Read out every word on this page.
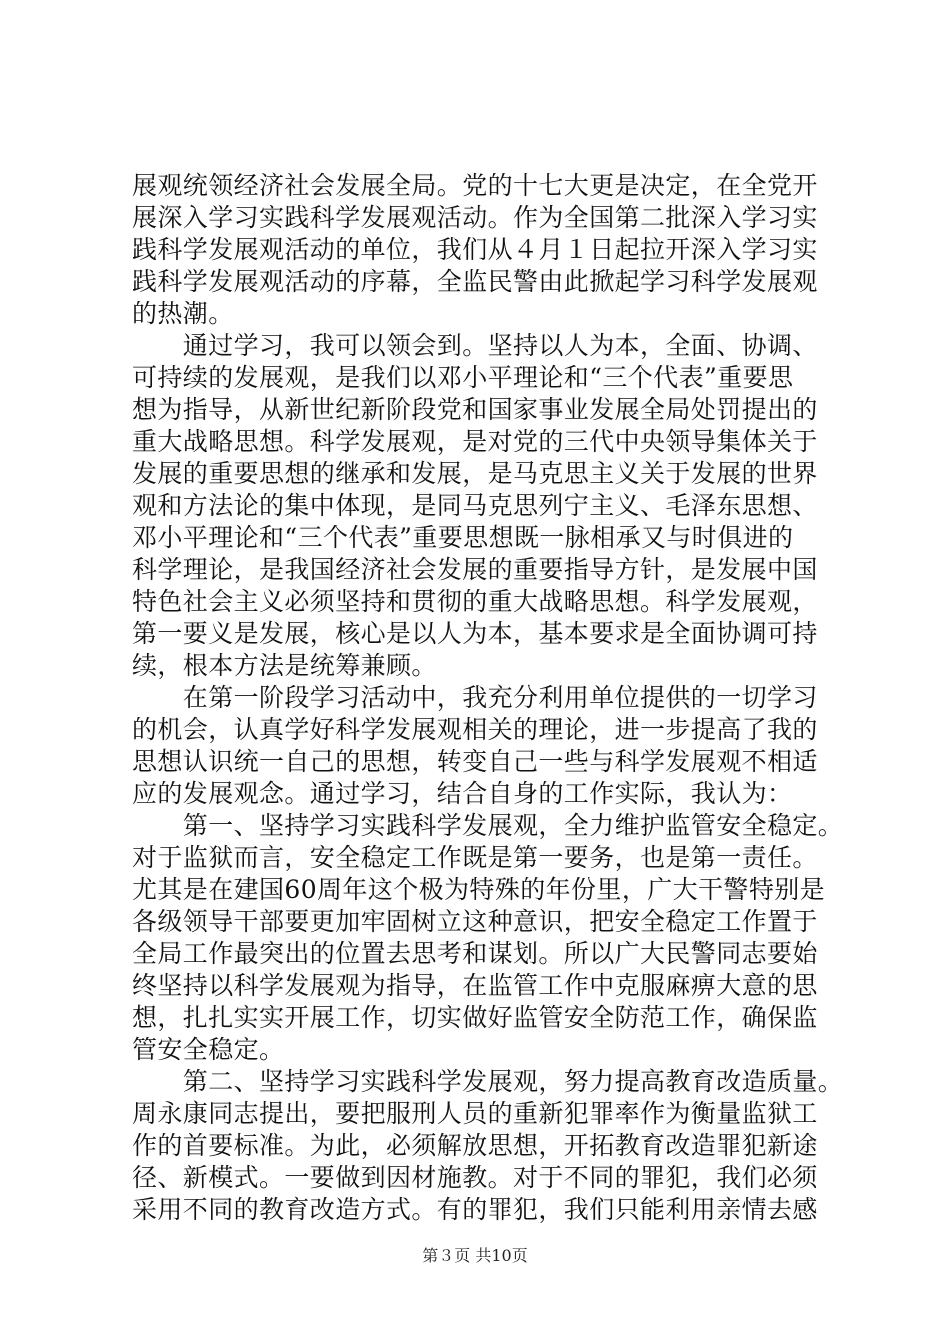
展观统领经济社会发展全局。党的十七大更是决定，在全党开
展深入学习实践科学发展观活动。作为全国第二批深入学习实
践科学发展观活动的单位，我们从４月１日起拉开深入学习实
践科学发展观活动的序幕，全监民警由此掀起学习科学发展观
的热潮。
　　通过学习，我可以领会到。坚持以人为本，全面、协调、
可持续的发展观，是我们以邓小平理论和“三个代表”重要思
想为指导，从新世纪新阶段党和国家事业发展全局处罚提出的
重大战略思想。科学发展观，是对党的三代中央领导集体关于
发展的重要思想的继承和发展，是马克思主义关于发展的世界
观和方法论的集中体现，是同马克思列宁主义、毛泽东思想、
邓小平理论和“三个代表”重要思想既一脉相承又与时俱进的
科学理论，是我国经济社会发展的重要指导方针，是发展中国
特色社会主义必须坚持和贯彻的重大战略思想。科学发展观，
第一要义是发展，核心是以人为本，基本要求是全面协调可持
续，根本方法是统筹兼顾。
　　在第一阶段学习活动中，我充分利用单位提供的一切学习
的机会，认真学好科学发展观相关的理论，进一步提高了我的
思想认识统一自己的思想，转变自己一些与科学发展观不相适
应的发展观念。通过学习，结合自身的工作实际，我认为：
　　第一、坚持学习实践科学发展观，全力维护监管安全稳定。
对于监狱而言，安全稳定工作既是第一要务，也是第一责任。
尤其是在建国60周年这个极为特殊的年份里，广大干警特别是
各级领导干部要更加牢固树立这种意识，把安全稳定工作置于
全局工作最突出的位置去思考和谋划。所以广大民警同志要始
终坚持以科学发展观为指导，在监管工作中克服麻痹大意的思
想，扎扎实实开展工作，切实做好监管安全防范工作，确保监
管安全稳定。
　　第二、坚持学习实践科学发展观，努力提高教育改造质量。
周永康同志提出，要把服刑人员的重新犯罪率作为衡量监狱工
作的首要标准。为此，必须解放思想，开拓教育改造罪犯新途
径、新模式。一要做到因材施教。对于不同的罪犯，我们必须
采用不同的教育改造方式。有的罪犯，我们只能利用亲情去感
第３页 共10页
